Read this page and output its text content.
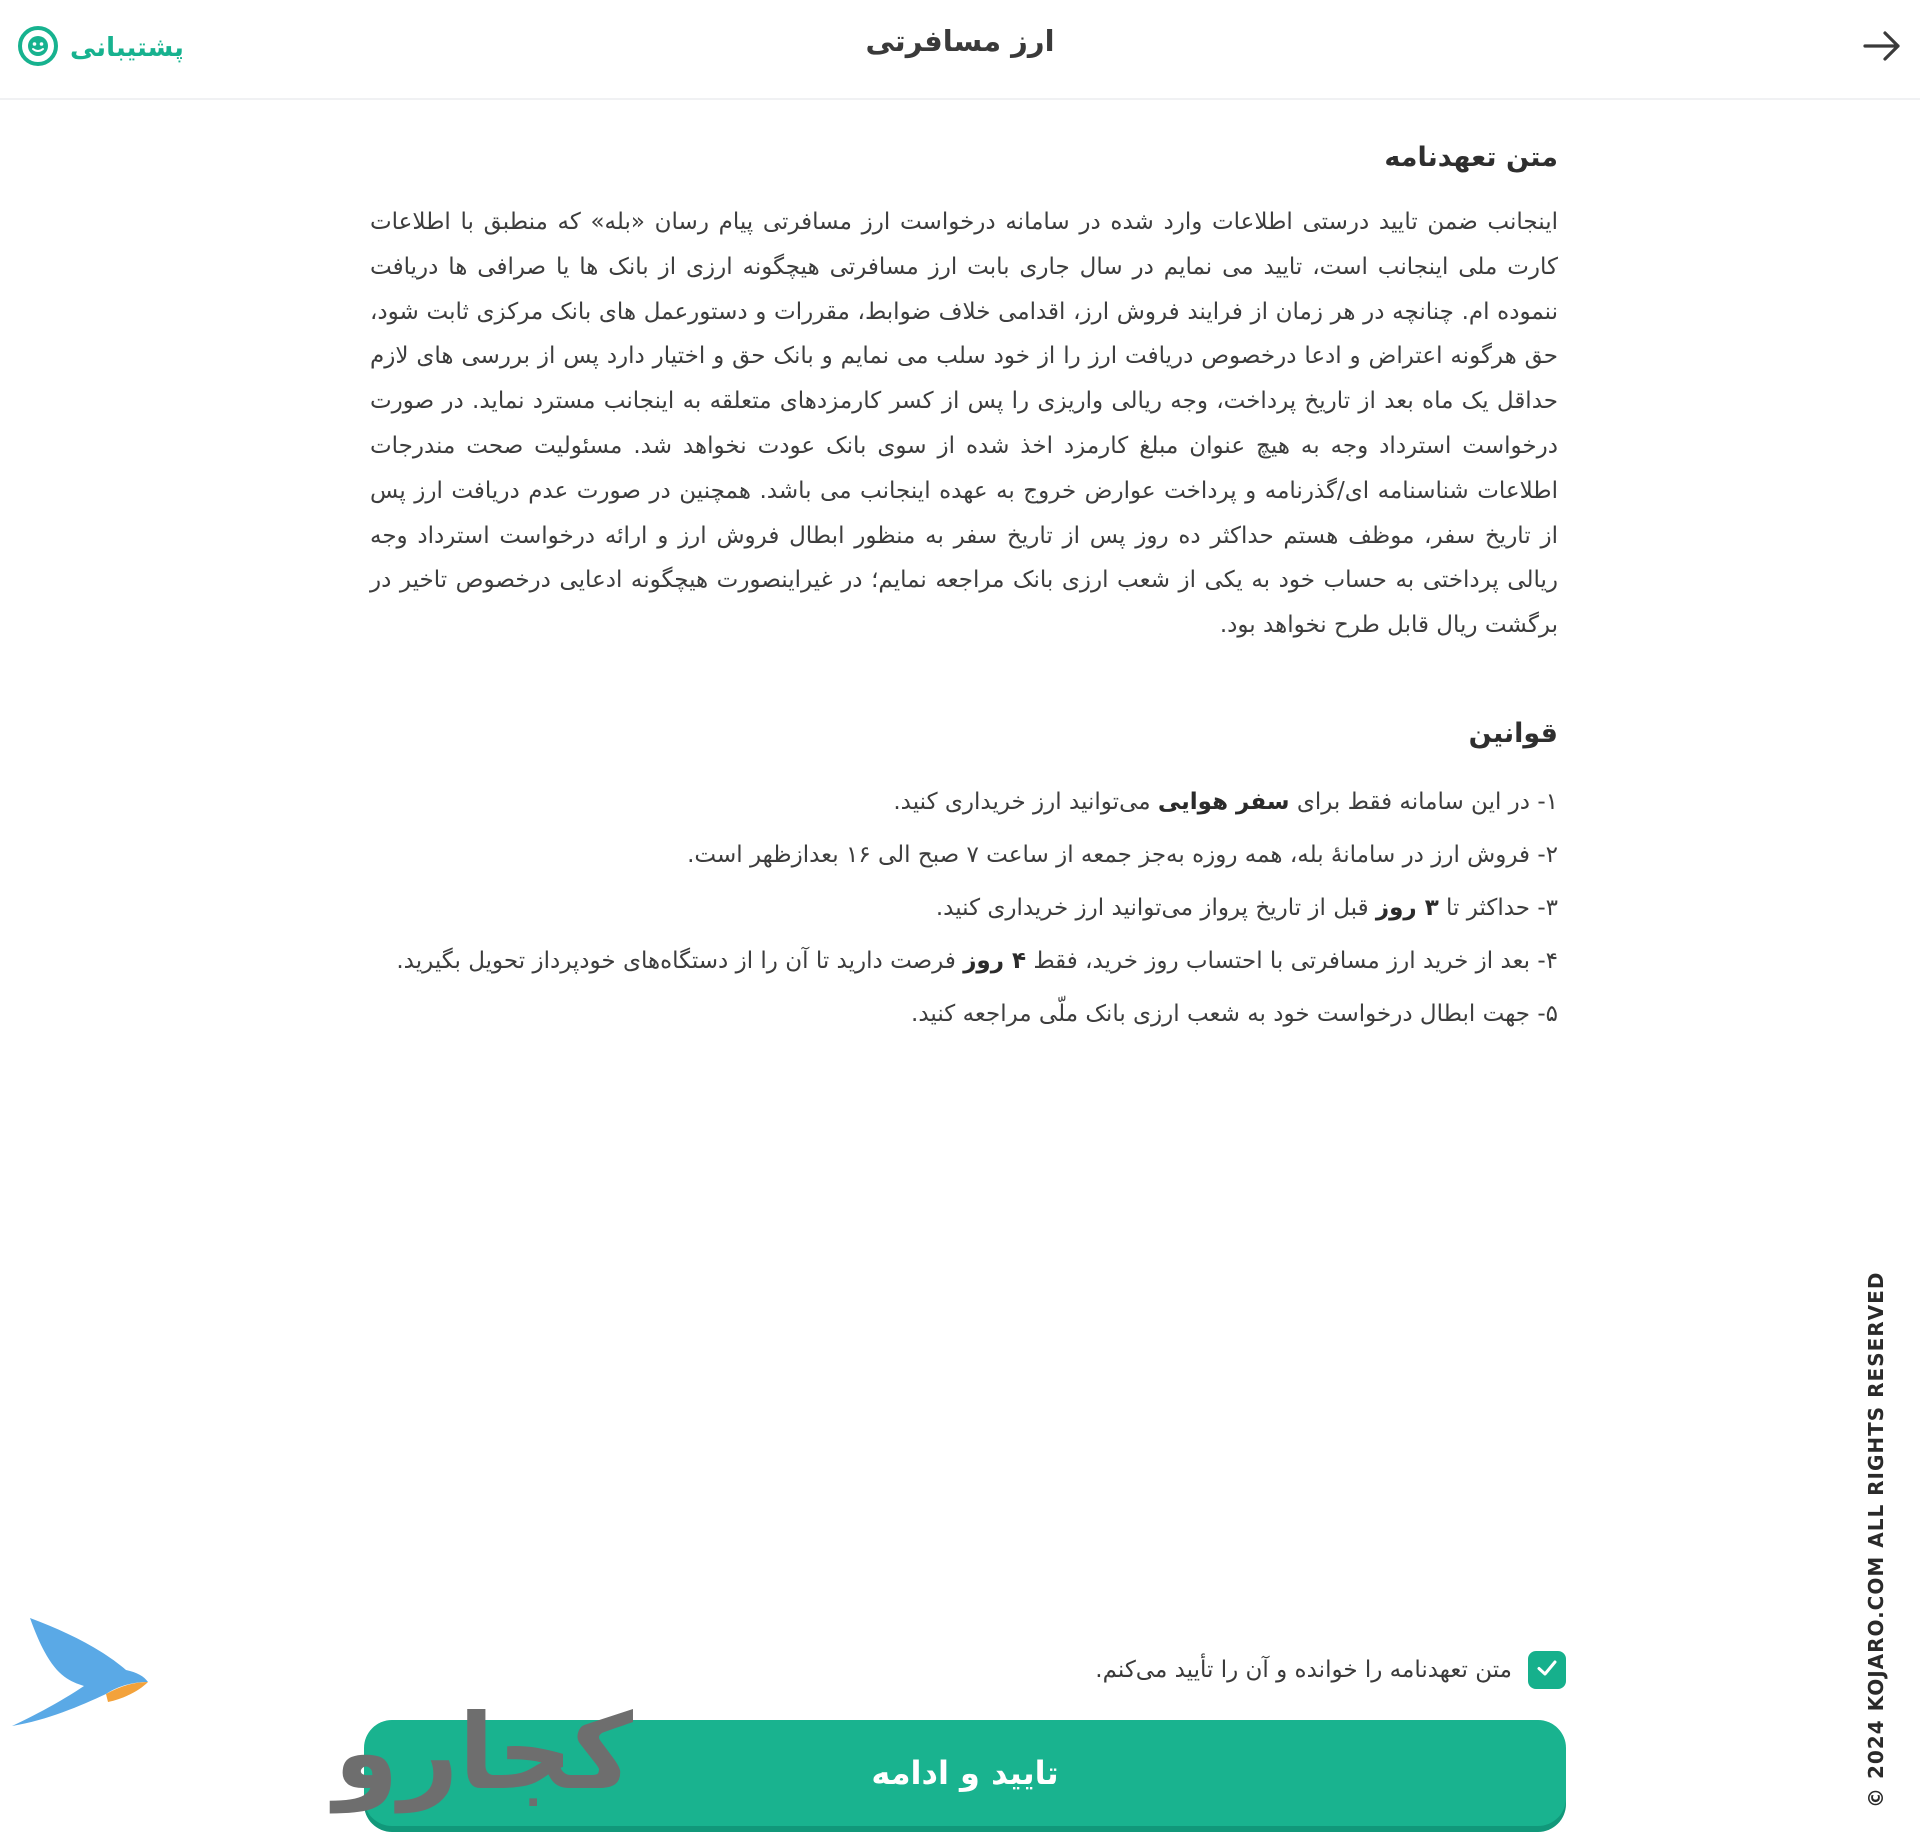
پشتیبانی	ارز مسافرتی
متن تعهدنامه

اینجانب ضمن تایید درستی اطلاعات وارد شده در سامانه درخواست ارز مسافرتی پیام رسان «بله» که منطبق با اطلاعات کارت ملی اینجانب است، تایید می نمایم در سال جاری بابت ارز مسافرتی هیچگونه ارزی از بانک ها یا صرافی ها دریافت ننموده ام. چنانچه در هر زمان از فرایند فروش ارز، اقدامی خلاف ضوابط، مقررات و دستورعمل های بانک مرکزی ثابت شود، حق هرگونه اعتراض و ادعا درخصوص دریافت ارز را از خود سلب می نمایم و بانک حق و اختیار دارد پس از بررسی های لازم حداقل یک ماه بعد از تاریخ پرداخت، وجه ریالی واریزی را پس از کسر کارمزدهای متعلقه به اینجانب مسترد نماید. در صورت درخواست استرداد وجه به هیچ عنوان مبلغ کارمزد اخذ شده از سوی بانک عودت نخواهد شد. مسئولیت صحت مندرجات اطلاعات شناسنامه ای/گذرنامه و پرداخت عوارض خروج به عهده اینجانب می باشد. همچنین در صورت عدم دریافت ارز پس از تاریخ سفر، موظف هستم حداکثر ده روز پس از تاریخ سفر به منظور ابطال فروش ارز و ارائه درخواست استرداد وجه ریالی پرداختی به حساب خود به یکی از شعب ارزی بانک مراجعه نمایم؛ در غیراینصورت هیچگونه ادعایی درخصوص تاخیر در برگشت ریال قابل طرح نخواهد بود.

قوانین
۱- در این سامانه فقط برای سفر هوایی می‌توانید ارز خریداری کنید.
۲- فروش ارز در سامانهٔ بله، همه روزه به‌جز جمعه از ساعت ۷ صبح الی ۱۶ بعدازظهر است.
۳- حداکثر تا ۳ روز قبل از تاریخ پرواز می‌توانید ارز خریداری کنید.
۴- بعد از خرید ارز مسافرتی با احتساب روز خرید، فقط ۴ روز فرصت دارید تا آن را از دستگاه‌های خودپرداز تحویل بگیرید.
۵- جهت ابطال درخواست خود به شعب ارزی بانک ملّی مراجعه کنید.
متن تعهدنامه را خوانده و آن را تأیید می‌کنم.
تایید و ادامه
کجارو	© 2024 KOJARO.COM ALL RIGHTS RESERVED
